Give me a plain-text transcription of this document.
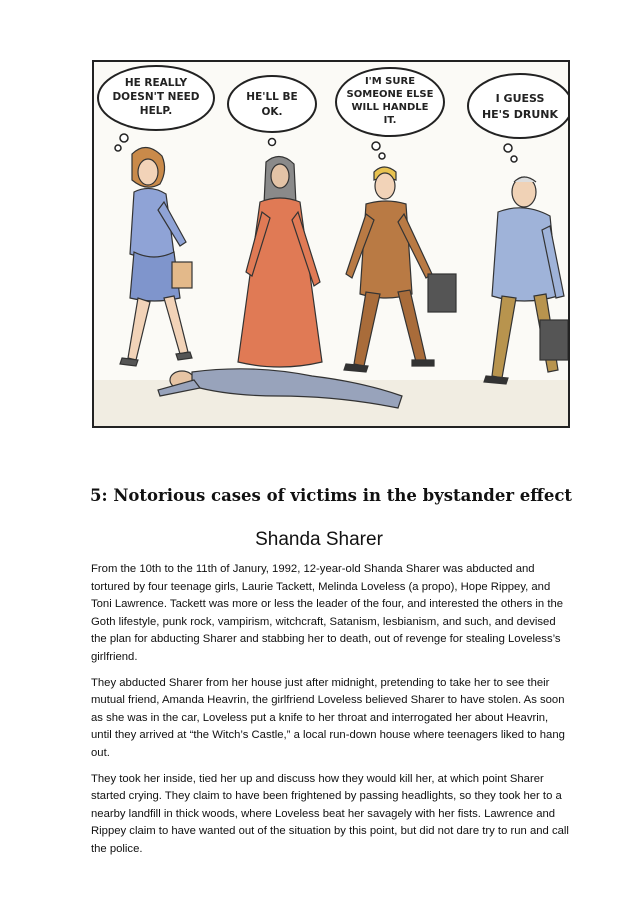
HE REALLY
DOESN'T NEED
HELP.
HE'LL BE
OK.
I'M SURE
SOMEONE ELSE
WILL HANDLE
IT.
I GUESS
HE'S DRUNK
5: Notorious cases of victims in the bystander effect
Shanda Sharer

From the 10th to the 11th of Janury, 1992, 12-year-old Shanda Sharer was abducted and tortured by four teenage girls, Laurie Tackett, Melinda Loveless (a propo), Hope Rippey, and Toni Lawrence. Tackett was more or less the leader of the four, and interested the others in the Goth lifestyle, punk rock, vampirism, witchcraft, Satanism, lesbianism, and such, and devised the plan for abducting Sharer and stabbing her to death, out of revenge for stealing Loveless’s girlfriend.

They abducted Sharer from her house just after midnight, pretending to take her to see their mutual friend, Amanda Heavrin, the girlfriend Loveless believed Sharer to have stolen. As soon as she was in the car, Loveless put a knife to her throat and interrogated her about Heavrin, until they arrived at “the Witch’s Castle,” a local run-down house where teenagers liked to hang out.

They took her inside, tied her up and discuss how they would kill her, at which point Sharer started crying. They claim to have been frightened by passing headlights, so they took her to a nearby landfill in thick woods, where Loveless beat her savagely with her fists. Lawrence and Rippey claim to have wanted out of the situation by this point, but did not dare try to run and call the police.
